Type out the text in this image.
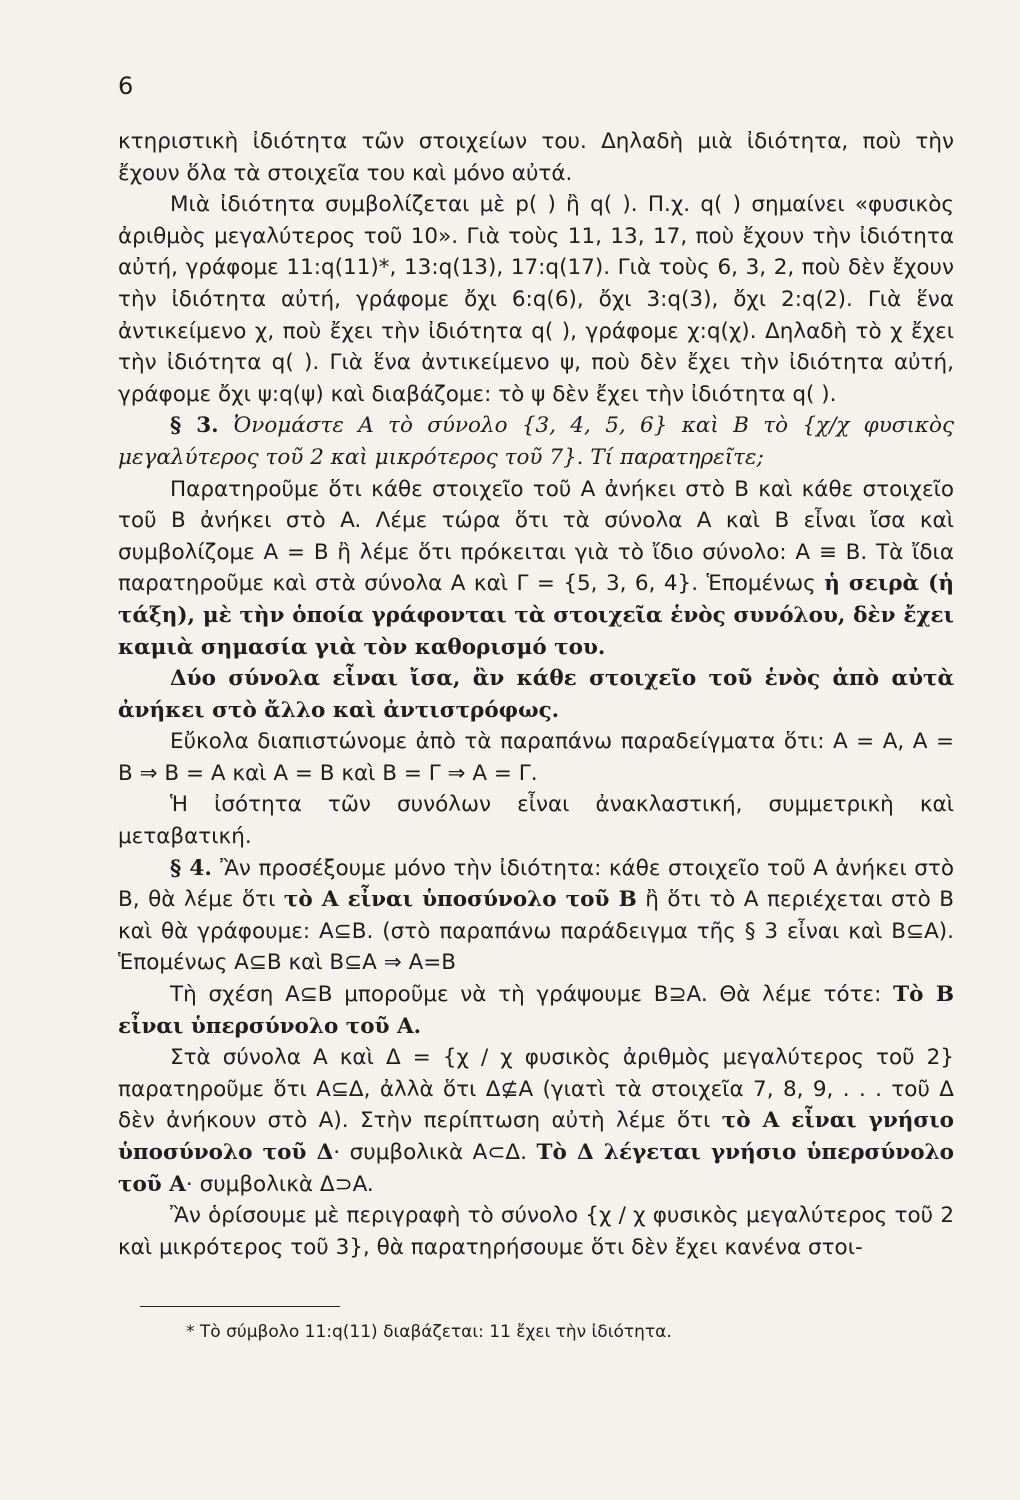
6

κτηριστικὴ ἰδιότητα τῶν στοιχείων του. Δηλαδὴ μιὰ ἰδιότητα, ποὺ τὴν ἔχουν ὅλα τὰ στοιχεῖα του καὶ μόνο αὐτά.

Μιὰ ἰδιότητα συμβολίζεται μὲ p( ) ἢ q( ). Π.χ. q( ) σημαίνει «φυσικὸς ἀριθμὸς μεγαλύτερος τοῦ 10». Γιὰ τοὺς 11, 13, 17, ποὺ ἔχουν τὴν ἰδιότητα αὐτή, γράφομε 11:q(11)*, 13:q(13), 17:q(17). Γιὰ τοὺς 6, 3, 2, ποὺ δὲν ἔχουν τὴν ἰδιότητα αὐτή, γράφομε ὄχι 6:q(6), ὄχι 3:q(3), ὄχι 2:q(2). Γιὰ ἕνα ἀντικείμενο χ, ποὺ ἔχει τὴν ἰδιότητα q( ), γράφομε χ:q(χ). Δηλαδὴ τὸ χ ἔχει τὴν ἰδιότητα q( ). Γιὰ ἕνα ἀντικείμενο ψ, ποὺ δὲν ἔχει τὴν ἰδιότητα αὐτή, γράφομε ὄχι ψ:q(ψ) καὶ διαβάζομε: τὸ ψ δὲν ἔχει τὴν ἰδιότητα q( ).

§ 3. Ὀνομάστε A τὸ σύνολο {3, 4, 5, 6} καὶ B τὸ {χ/χ φυσικὸς μεγαλύτερος τοῦ 2 καὶ μικρότερος τοῦ 7}. Τί παρατηρεῖτε;

Παρατηροῦμε ὅτι κάθε στοιχεῖο τοῦ A ἀνήκει στὸ B καὶ κάθε στοιχεῖο τοῦ B ἀνήκει στὸ A. Λέμε τώρα ὅτι τὰ σύνολα A καὶ B εἶναι ἴσα καὶ συμβολίζομε A = B ἢ λέμε ὅτι πρόκειται γιὰ τὸ ἴδιο σύνολο: A ≡ B. Τὰ ἴδια παρατηροῦμε καὶ στὰ σύνολα A καὶ Γ = {5, 3, 6, 4}. Ἑπομένως ἡ σειρὰ (ἡ τάξη), μὲ τὴν ὁποία γράφονται τὰ στοιχεῖα ἑνὸς συνόλου, δὲν ἔχει καμιὰ σημασία γιὰ τὸν καθορισμό του.

Δύο σύνολα εἶναι ἴσα, ἂν κάθε στοιχεῖο τοῦ ἑνὸς ἀπὸ αὐτὰ ἀνήκει στὸ ἄλλο καὶ ἀντιστρόφως.

Εὔκολα διαπιστώνομε ἀπὸ τὰ παραπάνω παραδείγματα ὅτι: A = A, A = B ⇒ B = A καὶ A = B καὶ B = Γ ⇒ A = Γ.

Ἡ ἰσότητα τῶν συνόλων εἶναι ἀνακλαστική, συμμετρικὴ καὶ μεταβατική.

§ 4. Ἂν προσέξουμε μόνο τὴν ἰδιότητα: κάθε στοιχεῖο τοῦ A ἀνήκει στὸ B, θὰ λέμε ὅτι τὸ A εἶναι ὑποσύνολο τοῦ B ἢ ὅτι τὸ A περιέχεται στὸ B καὶ θὰ γράφουμε: A⊆B. (στὸ παραπάνω παράδειγμα τῆς § 3 εἶναι καὶ B⊆A). Ἑπομένως A⊆B καὶ B⊆A ⇒ A=B

Τὴ σχέση A⊆B μποροῦμε νὰ τὴ γράψουμε B⊇A. Θὰ λέμε τότε: Τὸ B εἶναι ὑπερσύνολο τοῦ A.

Στὰ σύνολα A καὶ Δ = {χ / χ φυσικὸς ἀριθμὸς μεγαλύτερος τοῦ 2} παρατηροῦμε ὅτι A⊆Δ, ἀλλὰ ὅτι Δ⊈A (γιατὶ τὰ στοιχεῖα 7, 8, 9, . . . τοῦ Δ δὲν ἀνήκουν στὸ A). Στὴν περίπτωση αὐτὴ λέμε ὅτι τὸ A εἶναι γνήσιο ὑποσύνολο τοῦ Δ· συμβολικὰ A⊂Δ. Τὸ Δ λέγεται γνήσιο ὑπερσύνολο τοῦ A· συμβολικὰ Δ⊃A.

Ἂν ὁρίσουμε μὲ περιγραφὴ τὸ σύνολο {χ / χ φυσικὸς μεγαλύτερος τοῦ 2 καὶ μικρότερος τοῦ 3}, θὰ παρατηρήσουμε ὅτι δὲν ἔχει κανένα στοι-

* Τὸ σύμβολο 11:q(11) διαβάζεται: 11 ἔχει τὴν ἰδιότητα.
